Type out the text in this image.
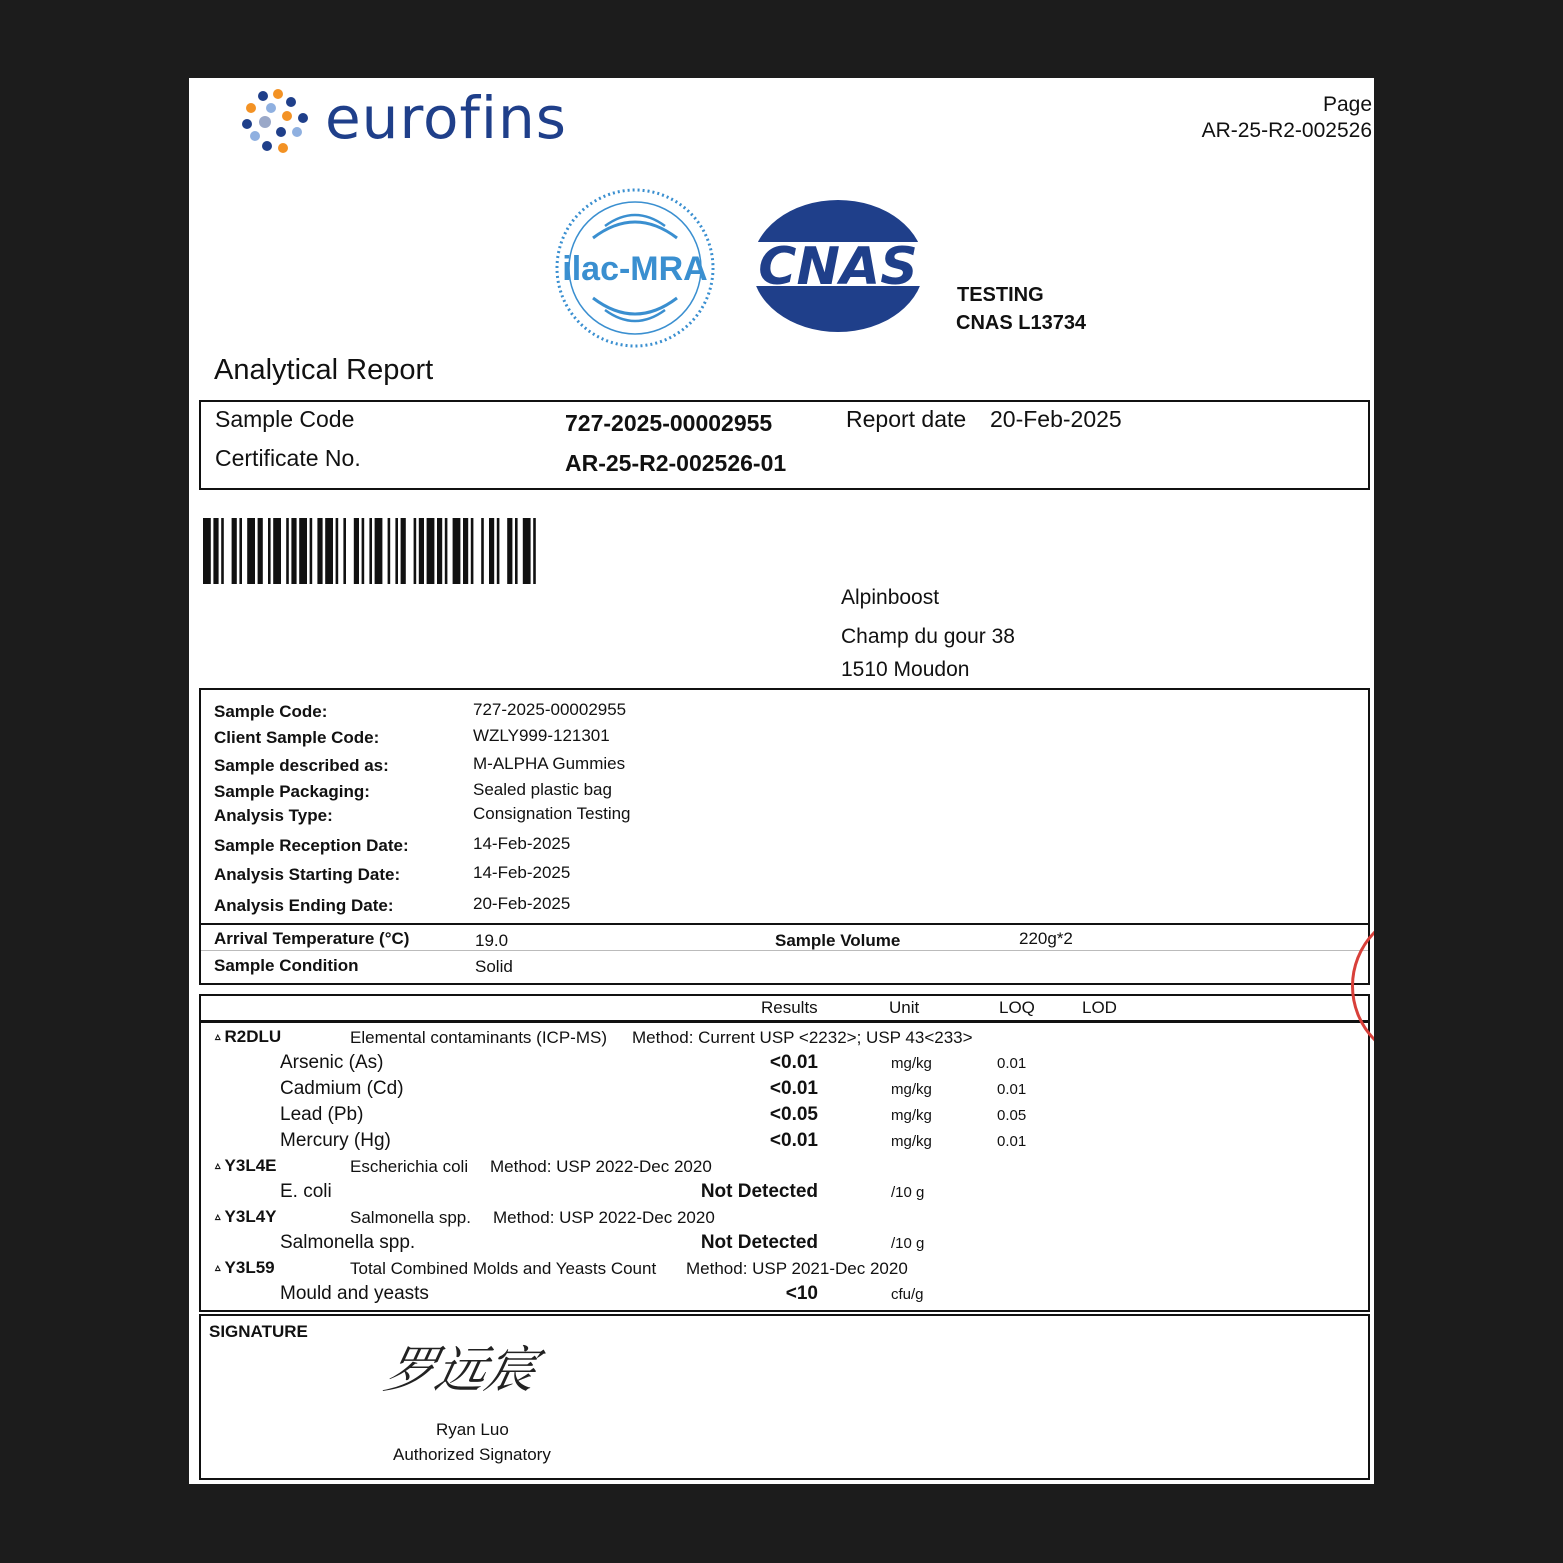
eurofins	Page
AR-25-R2-002526
ilac-MRA CNAS TESTING
CNAS L13734
Analytical Report
Sample Code	727-2025-00002955	Report date 20-Feb-2025
Certificate No.	AR-25-R2-002526-01
Alpinboost
Champ du gour 38
1510 Moudon
Sample Code:	727-2025-00002955
Client Sample Code:	WZLY999-121301
Sample described as:	M-ALPHA Gummies
Sample Packaging:	Sealed plastic bag
Analysis Type:	Consignation Testing
Sample Reception Date:	14-Feb-2025
Analysis Starting Date:	14-Feb-2025
Analysis Ending Date:	20-Feb-2025
Arrival Temperature (°C)	19.0	Sample Volume	220g*2
Sample Condition	Solid
Results	Unit	LOQ	LOD
▵ R2DLU	Elemental contaminants (ICP-MS) Method: Current USP <2232>; USP 43<233>
Arsenic (As)	<0.01	mg/kg	0.01
Cadmium (Cd)	<0.01	mg/kg	0.01
Lead (Pb)	<0.05	mg/kg	0.05
Mercury (Hg)	<0.01	mg/kg	0.01
▵ Y3L4E	Escherichia coli Method: USP 2022-Dec 2020
E. coli	Not Detected	/10 g
▵ Y3L4Y	Salmonella spp. Method: USP 2022-Dec 2020
Salmonella spp.	Not Detected	/10 g
▵ Y3L59	Total Combined Molds and Yeasts Count Method: USP 2021-Dec 2020
Mould and yeasts	<10	cfu/g
SIGNATURE
罗远宸
Ryan Luo
Authorized Signatory
